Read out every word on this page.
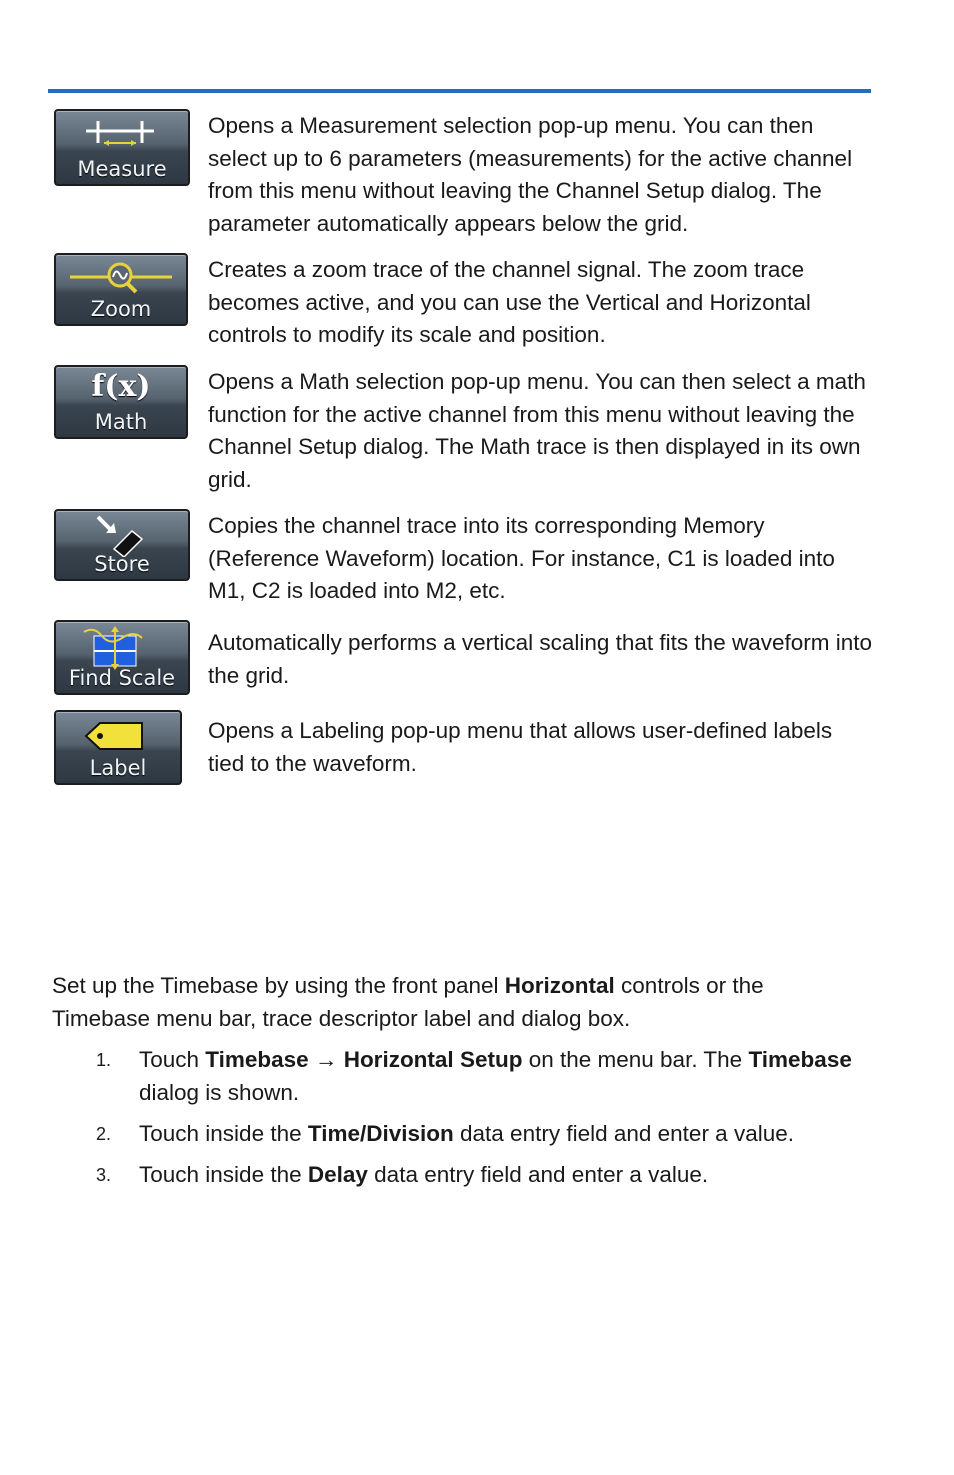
Measure
Opens a Measurement selection pop-up menu. You can then select up to 6 parameters (measurements) for the active channel from this menu without leaving the Channel Setup dialog. The parameter automatically appears below the grid.
Zoom
Creates a zoom trace of the channel signal. The zoom trace becomes active, and you can use the Vertical and Horizontal controls to modify its scale and position.
f(x)
Math
Opens a Math selection pop-up menu. You can then select a math function for the active channel from this menu without leaving the Channel Setup dialog. The Math trace is then displayed in its own grid.
Store
Copies the channel trace into its corresponding Memory (Reference Waveform) location. For instance, C1 is loaded into M1, C2 is loaded into M2, etc.
Find Scale
Automatically performs a vertical scaling that fits the waveform into the grid.
Label
Opens a Labeling pop-up menu that allows user-defined labels tied to the waveform.
Set up the Timebase by using the front panel Horizontal controls or the Timebase menu bar, trace descriptor label and dialog box.
1. Touch Timebase → Horizontal Setup on the menu bar. The Timebase dialog is shown.
2. Touch inside the Time/Division data entry field and enter a value.
3. Touch inside the Delay data entry field and enter a value.
